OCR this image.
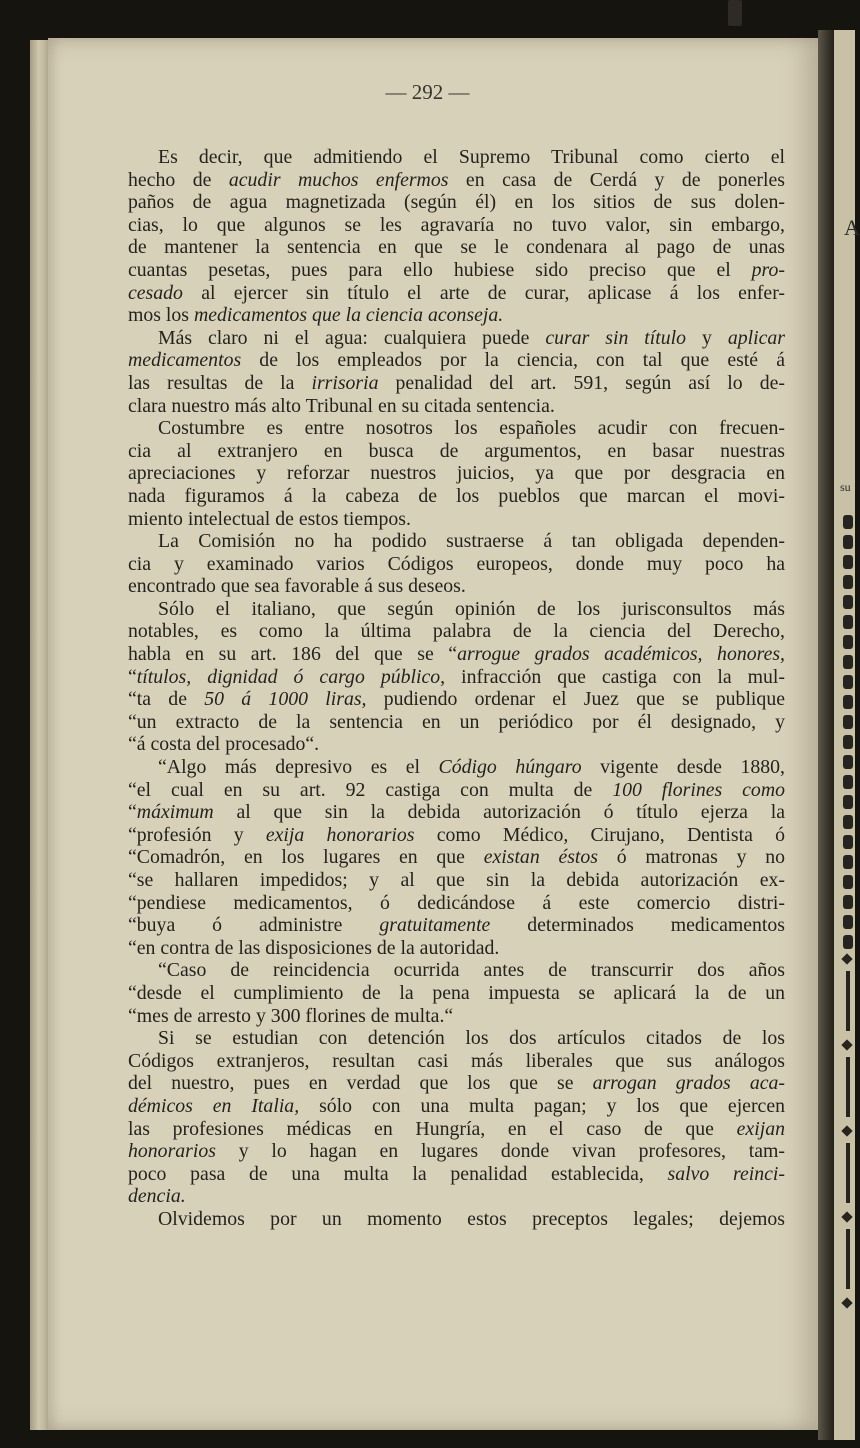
A
su
— 292 —
Es decir, que admitiendo el Supremo Tribunal como cierto el
hecho de acudir muchos enfermos en casa de Cerdá y de ponerles
paños de agua magnetizada (según él) en los sitios de sus dolen-
cias, lo que algunos se les agravaría no tuvo valor, sin embargo,
de mantener la sentencia en que se le condenara al pago de unas
cuantas pesetas, pues para ello hubiese sido preciso que el pro-
cesado al ejercer sin título el arte de curar, aplicase á los enfer-
mos los medicamentos que la ciencia aconseja.
Más claro ni el agua: cualquiera puede curar sin título y aplicar
medicamentos de los empleados por la ciencia, con tal que esté á
las resultas de la irrisoria penalidad del art. 591, según así lo de-
clara nuestro más alto Tribunal en su citada sentencia.
Costumbre es entre nosotros los españoles acudir con frecuen-
cia al extranjero en busca de argumentos, en basar nuestras
apreciaciones y reforzar nuestros juicios, ya que por desgracia en
nada figuramos á la cabeza de los pueblos que marcan el movi-
miento intelectual de estos tiempos.
La Comisión no ha podido sustraerse á tan obligada dependen-
cia y examinado varios Códigos europeos, donde muy poco ha
encontrado que sea favorable á sus deseos.
Sólo el italiano, que según opinión de los jurisconsultos más
notables, es como la última palabra de la ciencia del Derecho,
habla en su art. 186 del que se “arrogue grados académicos, honores,
“títulos, dignidad ó cargo público, infracción que castiga con la mul-
“ta de 50 á 1000 liras, pudiendo ordenar el Juez que se publique
“un extracto de la sentencia en un periódico por él designado, y
“á costa del procesado“.
“Algo más depresivo es el Código húngaro vigente desde 1880,
“el cual en su art. 92 castiga con multa de 100 florines como
“máximum al que sin la debida autorización ó título ejerza la
“profesión y exija honorarios como Médico, Cirujano, Dentista ó
“Comadrón, en los lugares en que existan éstos ó matronas y no
“se hallaren impedidos; y al que sin la debida autorización ex-
“pendiese medicamentos, ó dedicándose á este comercio distri-
“buya ó administre gratuitamente determinados medicamentos
“en contra de las disposiciones de la autoridad.
“Caso de reincidencia ocurrida antes de transcurrir dos años
“desde el cumplimiento de la pena impuesta se aplicará la de un
“mes de arresto y 300 florines de multa.“
Si se estudian con detención los dos artículos citados de los
Códigos extranjeros, resultan casi más liberales que sus análogos
del nuestro, pues en verdad que los que se arrogan grados aca-
démicos en Italia, sólo con una multa pagan; y los que ejercen
las profesiones médicas en Hungría, en el caso de que exijan
honorarios y lo hagan en lugares donde vivan profesores, tam-
poco pasa de una multa la penalidad establecida, salvo reinci-
dencia.
Olvidemos por un momento estos preceptos legales; dejemos
